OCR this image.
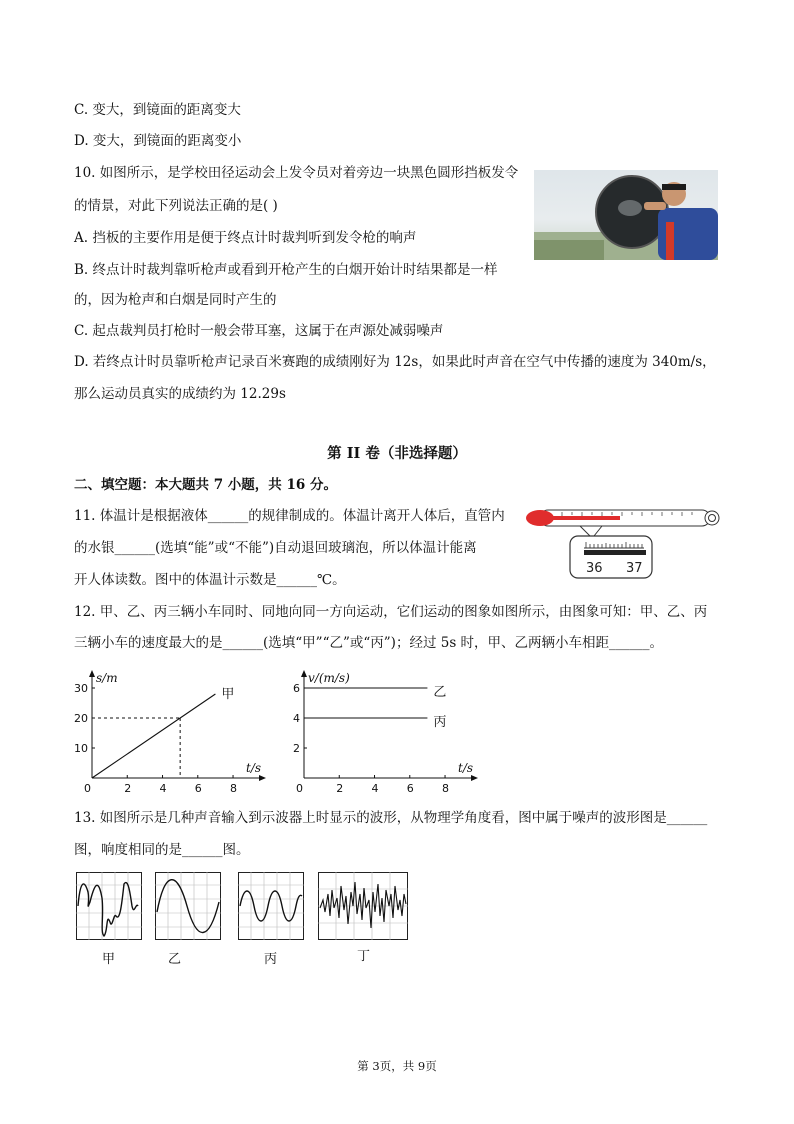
C. 变大，到镜面的距离变大
D. 变大，到镜面的距离变小
10. 如图所示，是学校田径运动会上发令员对着旁边一块黑色圆形挡板发令
的情景，对此下列说法正确的是( )
A. 挡板的主要作用是便于终点计时裁判听到发令枪的响声
B. 终点计时裁判靠听枪声或看到开枪产生的白烟开始计时结果都是一样
的，因为枪声和白烟是同时产生的
C. 起点裁判员打枪时一般会带耳塞，这属于在声源处减弱噪声
D. 若终点计时员靠听枪声记录百米赛跑的成绩刚好为 12s，如果此时声音在空气中传播的速度为 340m/s，
那么运动员真实的成绩约为 12.29s
第 II 卷（非选择题）
二、填空题：本大题共 7 小题，共 16 分。
11. 体温计是根据液体______的规律制成的。体温计离开人体后，直管内
的水银______(选填“能”或“不能”)自动退回玻璃泡，所以体温计能离
开人体读数。图中的体温计示数是______℃。
36 37
12. 甲、乙、丙三辆小车同时、同地向同一方向运动，它们运动的图象如图所示，由图象可知：甲、乙、丙
三辆小车的速度最大的是______(选填“甲”“乙”或“丙”)；经过 5s 时，甲、乙两辆小车相距______。
0	2	4	6	8
10
20
30
s/m
t/s
甲
0	2	4	6	8
2
4
6
v/(m/s)
t/s
乙
丙
13. 如图所示是几种声音输入到示波器上时显示的波形，从物理学角度看，图中属于噪声的波形图是______
图，响度相同的是______图。
甲	乙	丙	丁
第 3页，共 9页
